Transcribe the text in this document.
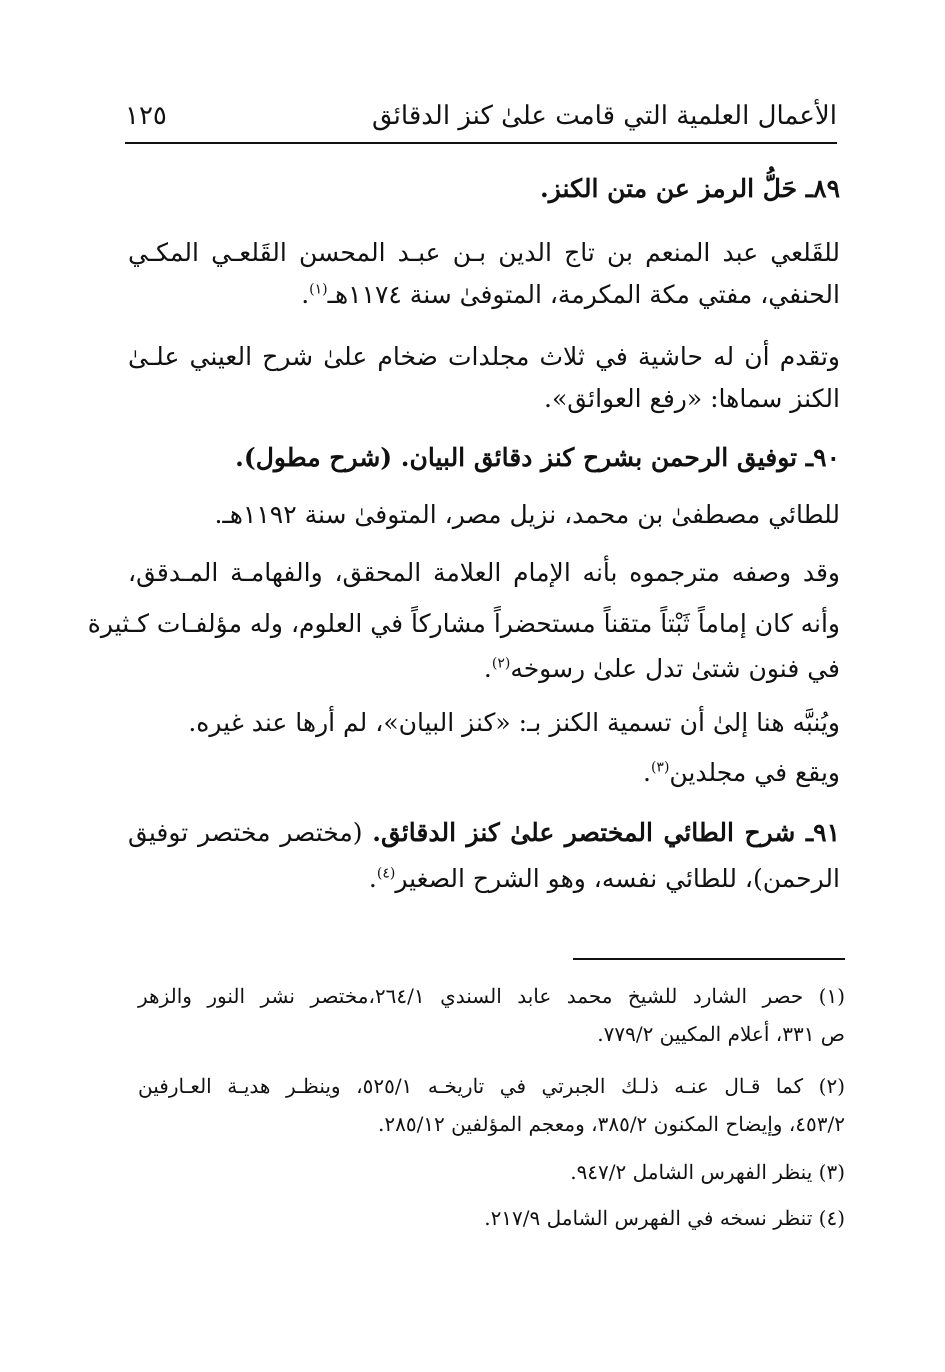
الأعمال العلمية التي قامت علىٰ كنز الدقائق
١٢٥
٨٩ـ حَلُّ الرمز عن متن الكنز.
للقَلعي عبد المنعم بن تاج الدين بـن عبـد المحسن القَلعـي المكـي
الحنفي، مفتي مكة المكرمة، المتوفىٰ سنة ١١٧٤هـ$^{(١)}$.
وتقدم أن له حاشية في ثلاث مجلدات ضخام علىٰ شرح العيني علـىٰ
الكنز سماها: «رفع العوائق».
٩٠ـ توفيق الرحمن بشرح كنز دقائق البيان. (شرح مطول).
للطائي مصطفىٰ بن محمد، نزيل مصر، المتوفىٰ سنة ١١٩٢هـ.
وقد وصفه مترجموه بأنه الإمام العلامة المحقق، والفهامـة المـدقق،
وأنه كان إماماً ثَبْتاً متقناً مستحضراً مشاركاً في العلوم، وله مؤلفـات كـثيرة
في فنون شتىٰ تدل علىٰ رسوخه$^{(٢)}$.
ويُنبَّه هنا إلىٰ أن تسمية الكنز بـ: «كنز البيان»، لم أرها عند غيره.
ويقع في مجلدين$^{(٣)}$.
٩١ـ شرح الطائي المختصر علىٰ كنز الدقائق. (مختصر مختصر توفيق
الرحمن)، للطائي نفسه، وهو الشرح الصغير$^{(٤)}$.
(١) حصر الشارد للشيخ محمد عابد السندي ٢٦٤/١،مختصر نشر النور والزهر
ص ٣٣١، أعلام المكيين ٧٧٩/٢.
(٢) كما قـال عنـه ذلـك الجبرتي في تاريخـه ٥٢٥/١، وينظـر هديـة العـارفين
٤٥٣/٢، وإيضاح المكنون ٣٨٥/٢، ومعجم المؤلفين ٢٨٥/١٢.
(٣) ينظر الفهرس الشامل ٩٤٧/٢.
(٤) تنظر نسخه في الفهرس الشامل ٢١٧/٩.
